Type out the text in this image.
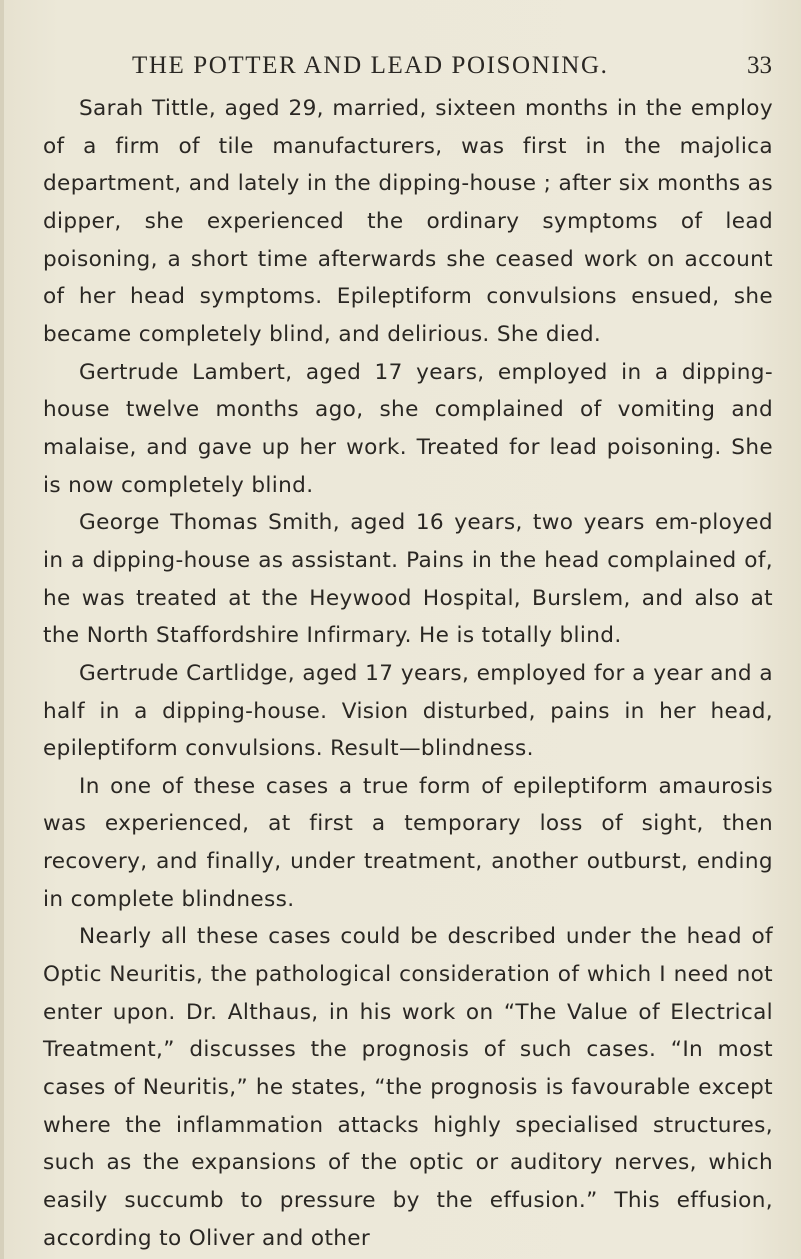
THE POTTER AND LEAD POISONING.	33

Sarah Tittle, aged 29, married, sixteen months in the employ of a firm of tile manufacturers, was first in the majolica department, and lately in the dipping-house ; after six months as dipper, she experienced the ordinary symptoms of lead poisoning, a short time afterwards she ceased work on account of her head symptoms. Epileptiform convulsions ensued, she became completely blind, and delirious. She died.

Gertrude Lambert, aged 17 years, employed in a dipping-house twelve months ago, she complained of vomiting and malaise, and gave up her work. Treated for lead poisoning. She is now completely blind.

George Thomas Smith, aged 16 years, two years em-ployed in a dipping-house as assistant. Pains in the head complained of, he was treated at the Heywood Hospital, Burslem, and also at the North Staffordshire Infirmary. He is totally blind.

Gertrude Cartlidge, aged 17 years, employed for a year and a half in a dipping-house. Vision disturbed, pains in her head, epileptiform convulsions. Result—blindness.

In one of these cases a true form of epileptiform amaurosis was experienced, at first a temporary loss of sight, then recovery, and finally, under treatment, another outburst, ending in complete blindness.

Nearly all these cases could be described under the head of Optic Neuritis, the pathological consideration of which I need not enter upon. Dr. Althaus, in his work on “The Value of Electrical Treatment,” discusses the prognosis of such cases. “In most cases of Neuritis,” he states, “the prognosis is favourable except where the inflammation attacks highly specialised structures, such as the expansions of the optic or auditory nerves, which easily succumb to pressure by the effusion.” This effusion, according to Oliver and other
